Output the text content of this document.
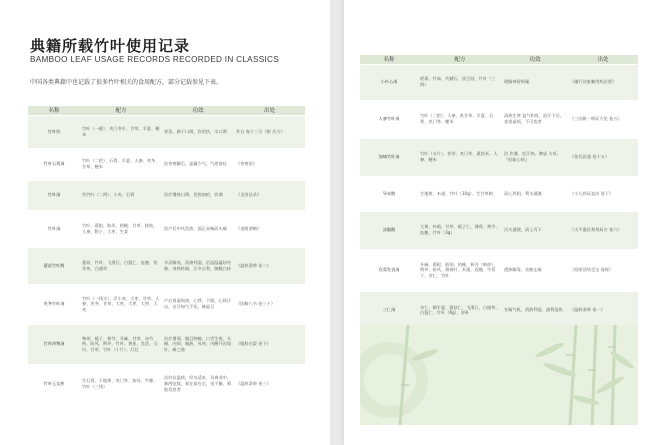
典籍所载竹叶使用记录
BAMBOO LEAF USAGE RECORDS RECORDED IN CLASSICS
中国各类典籍中也记载了很多竹叶相关的食用配方，部分记载参见下表。
名称	配方	功效	出处
竹叶饮	竹叶（一握）、麦门冬半、甘草、半夏、粳米	骨蒸，肺干口渴，饮用饮，水口渴	外台 卷十三引《崔 氏方》
竹叶石膏汤	竹叶（二把）、石膏、半夏、人参、麦冬、甘草、粳米	治伤寒解后，虚赢少气，气逆欲吐	《伤寒论》
竹叶汤	苦竹叶（二两）、小麦、石膏	治疗暑热口渴，发热如疸，饮调	《圣济总录》
竹叶汤	竹叶、葛根、防风、桔梗、甘草、桂枝、人参、附子、大枣、生姜	治产后中风发热，面正赤喘而头痛	《金匮要略》
薏苡竹叶散	薏苡、竹叶、飞滑石、白蔻仁、连翘、茯苓块、白通草	辛凉解表，淡渗利湿，治湿温蕴结经脉，身热疼痛，汗多自利，胸腹白疹	《温病条辨 卷二》
麦冬竹叶汤	竹叶（一钱半）、浮小麦、大枣、甘草、人参、麦冬、甘草、大枣、大枣、大枣、大麦	产后胃虚烦热，心悸，不眠，心烦汗出，自汗知气不佳，脉虚目	《医略六书 卷三十》
竹叶四物汤	柴胡、栀子、黄芩、升麻、甘草、赤芍药、防风、荆芥、竹叶、黄连、羌活、当归、甘草、竹叶（十片）、灯芯	治疗暑邪，眼目肿痛、口舌生疮，头痛，内烦，眼热，风痒，内酸开窍如针，痛之脸	《眼科启蒙 卷下》
竹叶玉女煎	生石膏、干地黄、麦门冬、知母、牛膝、竹叶（三钱）	治妇女温病，经水适来，耳聋非中，脉两弦数，邪在前在后，里不解，邪陷发痉者	《温病条辨 卷三》
名称	配方	功效	出处
小补心汤	栝蒌、竹茹、代赭石、淡豆豉、竹叶（三两）	缓解神昏烦燥	《辅行诀脏腑用药法要》
人参竹叶汤	竹叶（二把）、人参、炙甘草、半夏、石膏、麦门冬、粳米	清热生津 益气和胃，治汗下后，表里虚烦，不可攻者	《三因极一病证方论 卷五》
加味竹叶汤	竹叶（五片）、茯苓、麦门冬、薏苡米、人参、粳米	治 伤暑、吐汗热、脾虚 火旺，『妊娠心烦』	《张氏医通 卷十五》
导赤散	生地黄、木通、竹叶（10g）、生甘草梢	清心养阴，利水通淋	《小儿药证直诀 卷下》
凉膈散	大黄、朴硝、甘草、栀子仁、薄荷、黄芩、连翘、竹叶（3g）	泻火通便，清上泻下	《太平惠民和剂局方 卷六》
宣毒发表汤	升麻、葛根、前胡、桔梗、枳壳（麸炒）、荆芥、防风、薄荷叶、木通、连翘、牛蒡子、杏仁、竹叶	透疹解毒，宣肺止咳	《痘疹活幼至宝 卷终》
三仁汤	杏仁、制半夏、薏苡仁、飞滑石、白通草、白蔻仁、竹叶（6g）、厚朴	宣畅气机，清热利湿，通利湿热	《温病条辨 卷一》
